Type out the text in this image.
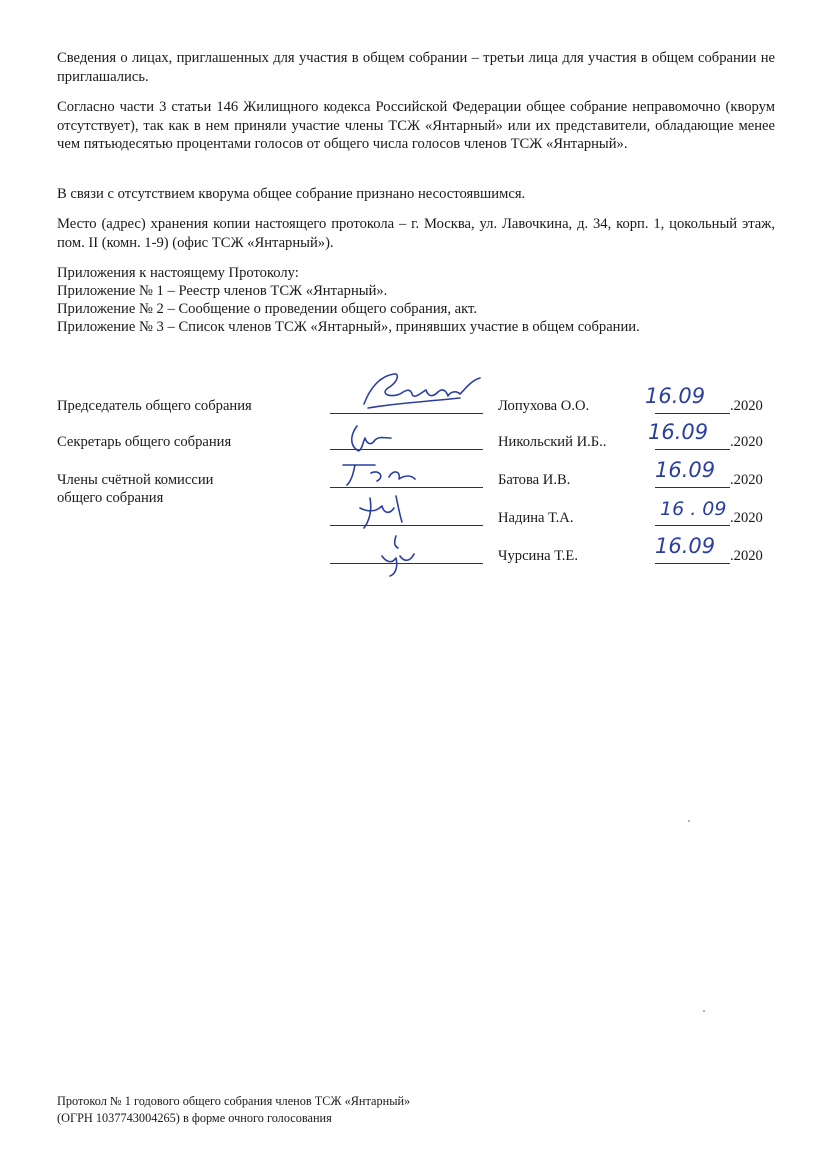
Сведения о лицах, приглашенных для участия в общем собрании – третьи лица для участия в общем собрании не приглашались.

Согласно части 3 статьи 146 Жилищного кодекса Российской Федерации общее собрание неправомочно (кворум отсутствует), так как в нем приняли участие члены ТСЖ «Янтарный» или их представители, обладающие менее чем пятьюдесятью процентами голосов от общего числа голосов членов ТСЖ «Янтарный».

В связи с отсутствием кворума общее собрание признано несостоявшимся.

Место (адрес) хранения копии настоящего протокола – г. Москва, ул. Лавочкина, д. 34, корп. 1, цокольный этаж, пом. II (комн. 1-9) (офис ТСЖ «Янтарный»).

Приложения к настоящему Протоколу:
Приложение № 1 – Реестр членов ТСЖ «Янтарный».
Приложение № 2 – Сообщение о проведении общего собрания, акт.
Приложение № 3 – Список членов ТСЖ «Янтарный», принявших участие в общем собрании.
Председатель общего собрания
Секретарь общего собрания
Члены счётной комиссии
общего собрания
Лопухова О.О.
Никольский И.Б..
Батова И.В.
Надина Т.А.
Чурсина Т.Е.
16.09
16.09
16.09
16 . 09
16.09
.2020
.2020
.2020
.2020
.2020
Протокол № 1 годового общего собрания членов ТСЖ «Янтарный»
(ОГРН 1037743004265) в форме очного голосования
